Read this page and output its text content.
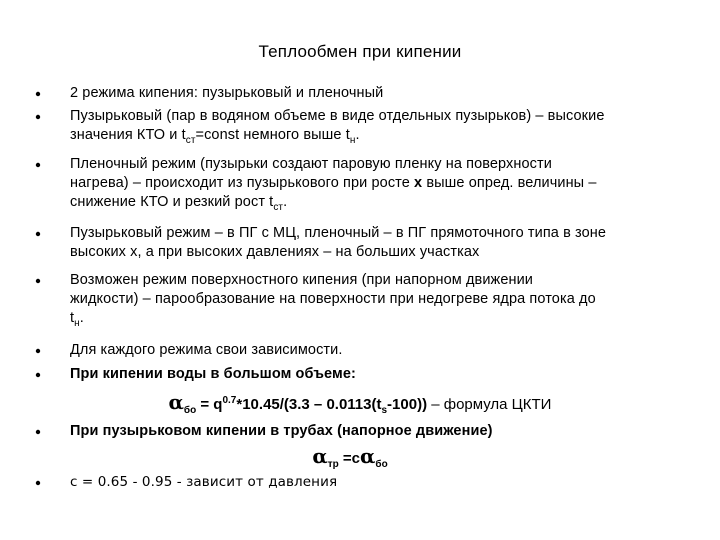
Теплообмен при кипении
2 режима кипения: пузырьковый и пленочный
Пузырьковый (пар в водяном объеме в виде отдельных пузырьков) – высокие
значения КТО и $t_{ст}=const$ немного выше $t_н$.
Пленочный режим (пузырьки создают паровую пленку на поверхности
нагрева) – происходит из пузырькового при росте x выше опред. величины –
снижение КТО и резкий рост $t_{ст}$.
Пузырьковый режим – в ПГ с МЦ, пленочный – в ПГ прямоточного типа в зоне
высоких x, а при высоких давлениях – на больших участках
Возможен режим поверхностного кипения (при напорном движении
жидкости) – парообразование на поверхности при недогреве ядра потока до
$t_н$.
Для каждого режима свои зависимости.
При кипении воды в большом объеме:
$\alpha_{бо} = q^{0.7}*10.45/(3.3 - 0.0113(t_s-100))$ – формула ЦКТИ
При пузырьковом кипении в трубах (напорное движение)
$\alpha_{тр} =c\alpha_{бо}$
c = 0.65 - 0.95 - зависит от давления
